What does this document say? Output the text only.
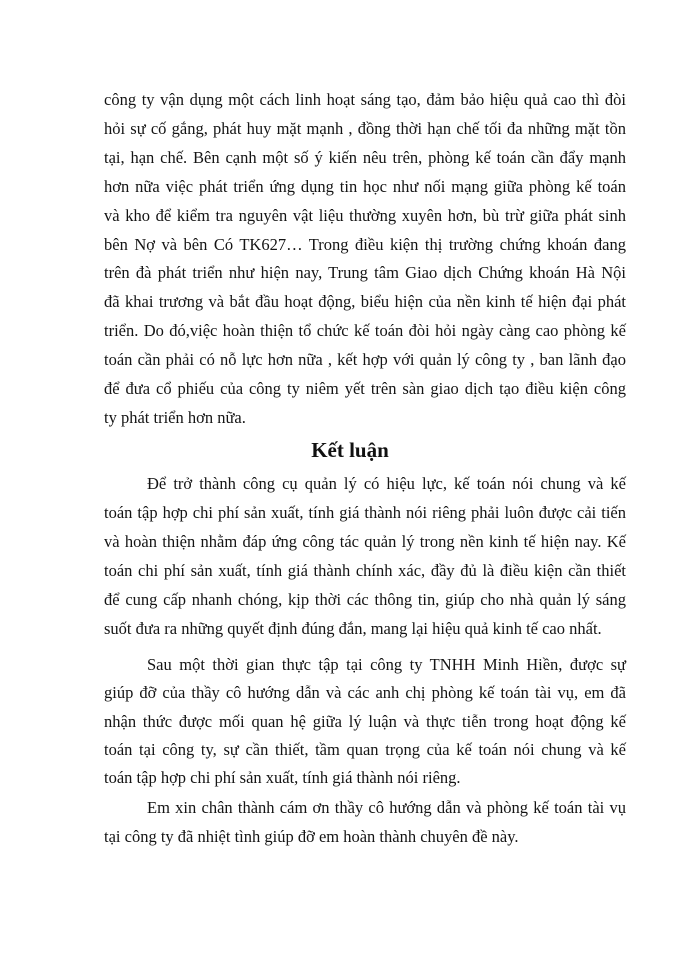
công ty vận dụng một cách linh hoạt sáng tạo, đảm bảo hiệu quả cao thì đòi
hỏi sự cố gắng, phát huy mặt mạnh , đồng thời hạn chế tối đa những mặt tồn
tại, hạn chế. Bên cạnh một số ý kiến nêu trên, phòng kế toán cần đẩy mạnh
hơn nữa việc phát triển ứng dụng tin học như nối mạng giữa phòng kế toán
và kho để kiểm tra nguyên vật liệu thường xuyên hơn, bù trừ giữa phát sinh
bên Nợ và bên Có TK627… Trong điều kiện thị trường chứng khoán đang
trên đà phát triển như hiện nay, Trung tâm Giao dịch Chứng khoán Hà Nội
đã khai trương và bắt đầu hoạt động, biểu hiện của nền kinh tế hiện đại phát
triển. Do đó,việc hoàn thiện tổ chức kế toán đòi hỏi ngày càng cao phòng kế
toán cần phải có nỗ lực hơn nữa , kết hợp với quản lý công ty , ban lãnh đạo
để đưa cổ phiếu của công ty niêm yết trên sàn giao dịch tạo điều kiện công
ty phát triển hơn nữa.
Kết luận
Để trở thành công cụ quản lý có hiệu lực, kế toán nói chung và kế
toán tập hợp chi phí sản xuất, tính giá thành nói riêng phải luôn được cải tiến
và hoàn thiện nhằm đáp ứng công tác quản lý trong nền kinh tế hiện nay. Kế
toán chi phí sản xuất, tính giá thành chính xác, đầy đủ là điều kiện cần thiết
để cung cấp nhanh chóng, kịp thời các thông tin, giúp cho nhà quản lý sáng
suốt đưa ra những quyết định đúng đắn, mang lại hiệu quả kinh tế cao nhất.
Sau một thời gian thực tập tại công ty TNHH Minh Hiền, được sự
giúp đỡ của thầy cô hướng dẫn và các anh chị phòng kế toán tài vụ, em đã
nhận thức được mối quan hệ giữa lý luận và thực tiễn trong hoạt động kế
toán tại công ty, sự cần thiết, tầm quan trọng của kế toán nói chung và kế
toán tập hợp chi phí sản xuất, tính giá thành nói riêng.
Em xin chân thành cám ơn thầy cô hướng dẫn và phòng kế toán tài vụ
tại công ty đã nhiệt tình giúp đỡ em hoàn thành chuyên đề này.
